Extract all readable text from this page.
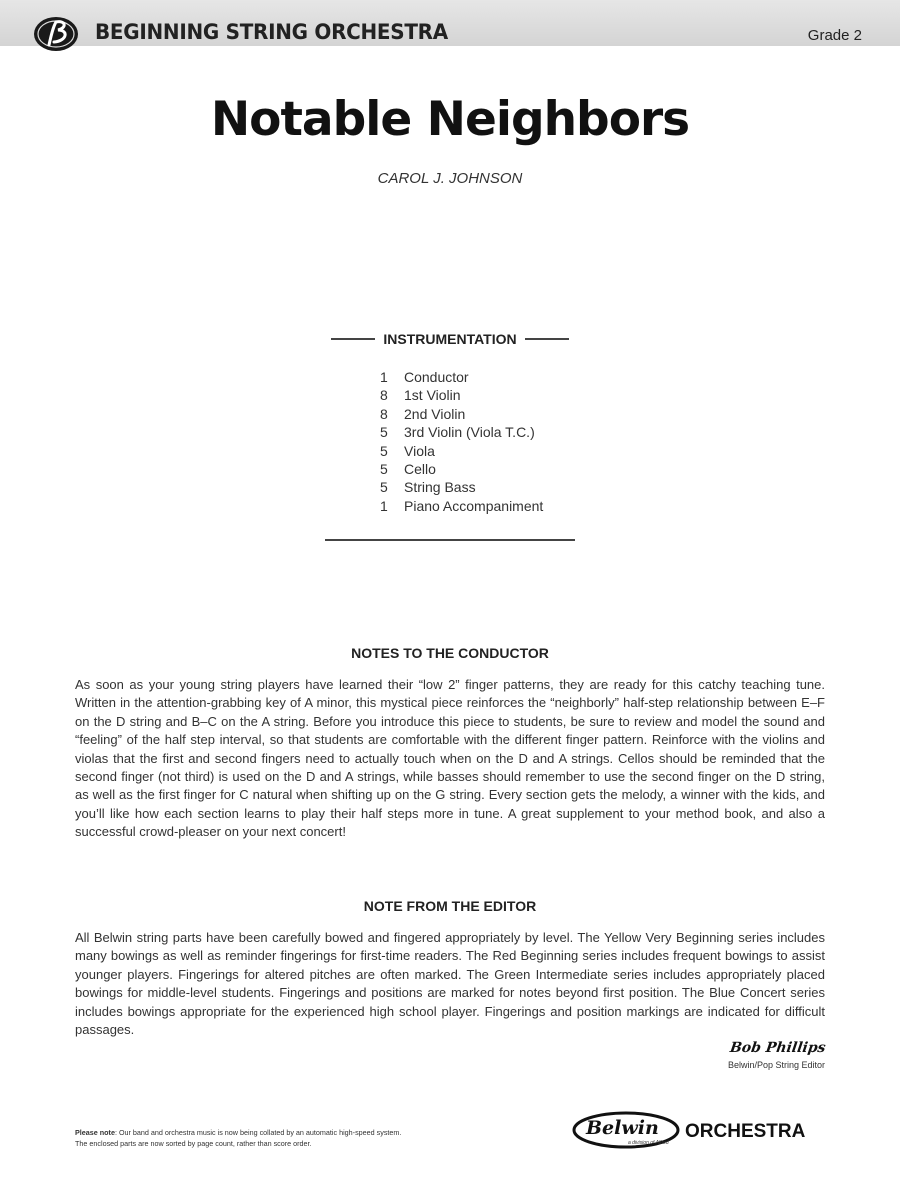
BEGINNING STRING ORCHESTRA	Grade 2
Notable Neighbors
CAROL J. JOHNSON
INSTRUMENTATION
1 Conductor
8 1st Violin
8 2nd Violin
5 3rd Violin (Viola T.C.)
5 Viola
5 Cello
5 String Bass
1 Piano Accompaniment
NOTES TO THE CONDUCTOR

As soon as your young string players have learned their “low 2” finger patterns, they are ready for this catchy teaching tune. Written in the attention-grabbing key of A minor, this mystical piece reinforces the “neighborly” half-step relationship between E–F on the D string and B–C on the A string. Before you introduce this piece to students, be sure to review and model the sound and “feeling” of the half step interval, so that students are comfortable with the different finger pattern. Reinforce with the violins and violas that the first and second fingers need to actually touch when on the D and A strings. Cellos should be reminded that the second finger (not third) is used on the D and A strings, while basses should remember to use the second finger on the D string, as well as the first finger for C natural when shifting up on the G string. Every section gets the melody, a winner with the kids, and you’ll like how each section learns to play their half steps more in tune. A great supplement to your method book, and also a successful crowd-pleaser on your next concert!

NOTE FROM THE EDITOR

All Belwin string parts have been carefully bowed and fingered appropriately by level. The Yellow Very Beginning series includes many bowings as well as reminder fingerings for first-time readers. The Red Beginning series includes frequent bowings to assist younger players. Fingerings for altered pitches are often marked. The Green Intermediate series includes appropriately placed bowings for middle-level students. Fingerings and positions are marked for notes beyond first position. The Blue Concert series includes bowings appropriate for the experienced high school player. Fingerings and position markings are indicated for difficult passages.

Bob Phillips
Belwin/Pop String Editor
Please note: Our band and orchestra music is now being collated by an automatic high-speed system.
The enclosed parts are now sorted by page count, rather than score order.
Belwin
a division of Alfred
ORCHESTRA
